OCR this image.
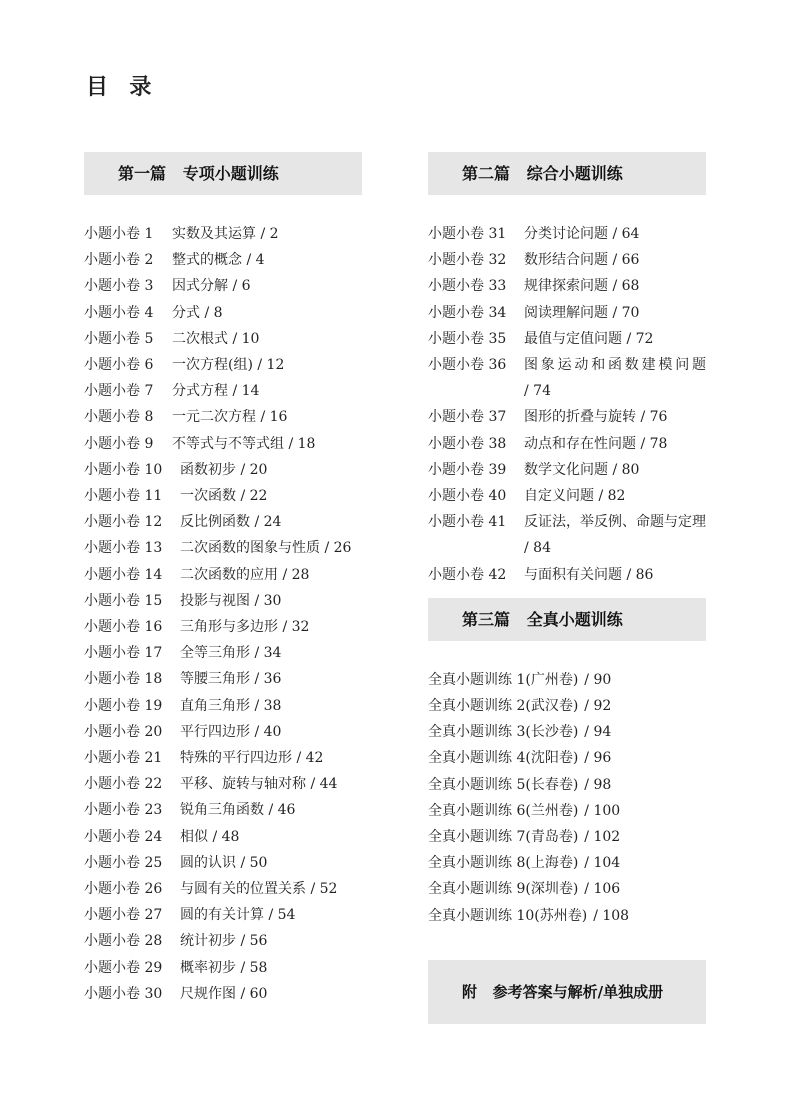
目  录
第一篇   专项小题训练
小题小卷 1	实数及其运算 / 2
小题小卷 2	整式的概念 / 4
小题小卷 3	因式分解 / 6
小题小卷 4	分式 / 8
小题小卷 5	二次根式 / 10
小题小卷 6	一次方程(组) / 12
小题小卷 7	分式方程 / 14
小题小卷 8	一元二次方程 / 16
小题小卷 9	不等式与不等式组 / 18
小题小卷 10	函数初步 / 20
小题小卷 11	一次函数 / 22
小题小卷 12	反比例函数 / 24
小题小卷 13	二次函数的图象与性质 / 26
小题小卷 14	二次函数的应用 / 28
小题小卷 15	投影与视图 / 30
小题小卷 16	三角形与多边形 / 32
小题小卷 17	全等三角形 / 34
小题小卷 18	等腰三角形 / 36
小题小卷 19	直角三角形 / 38
小题小卷 20	平行四边形 / 40
小题小卷 21	特殊的平行四边形 / 42
小题小卷 22	平移、旋转与轴对称 / 44
小题小卷 23	锐角三角函数 / 46
小题小卷 24	相似 / 48
小题小卷 25	圆的认识 / 50
小题小卷 26	与圆有关的位置关系 / 52
小题小卷 27	圆的有关计算 / 54
小题小卷 28	统计初步 / 56
小题小卷 29	概率初步 / 58
小题小卷 30	尺规作图 / 60
第二篇   综合小题训练
小题小卷 31	分类讨论问题 / 64
小题小卷 32	数形结合问题 / 66
小题小卷 33	规律探索问题 / 68
小题小卷 34	阅读理解问题 / 70
小题小卷 35	最值与定值问题 / 72
小题小卷 36	图象运动和函数建模问题 / 74
小题小卷 37	图形的折叠与旋转 / 76
小题小卷 38	动点和存在性问题 / 78
小题小卷 39	数学文化问题 / 80
小题小卷 40	自定义问题 / 82
小题小卷 41	反证法，举反例、命题与定理 / 84
小题小卷 42	与面积有关问题 / 86
第三篇   全真小题训练
全真小题训练 1(广州卷) / 90
全真小题训练 2(武汉卷) / 92
全真小题训练 3(长沙卷) / 94
全真小题训练 4(沈阳卷) / 96
全真小题训练 5(长春卷) / 98
全真小题训练 6(兰州卷) / 100
全真小题训练 7(青岛卷) / 102
全真小题训练 8(上海卷) / 104
全真小题训练 9(深圳卷) / 106
全真小题训练 10(苏州卷) / 108
附   参考答案与解析/单独成册
